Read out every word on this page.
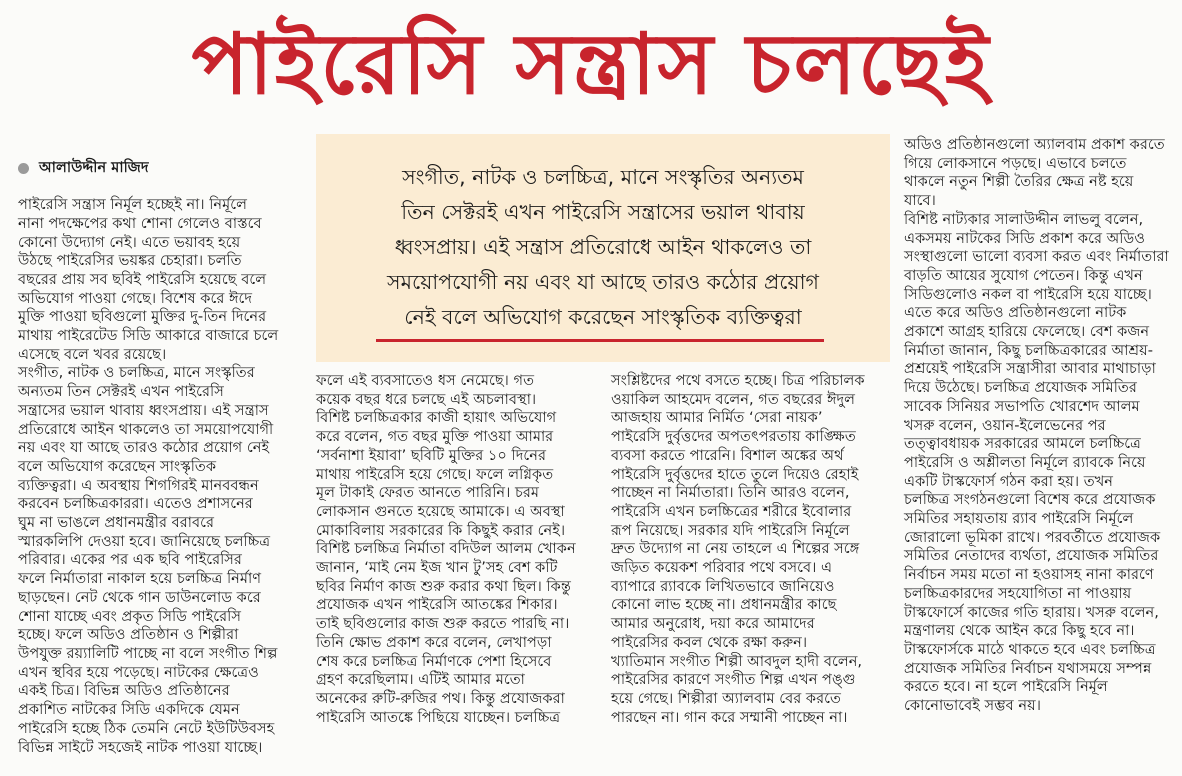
পাইরেসি সন্ত্রাস চলছেই

আলাউদ্দীন মাজিদ

পাইরেসি সন্ত্রাস নির্মূল হচ্ছেই না। নির্মূলে
নানা পদক্ষেপের কথা শোনা গেলেও বাস্তবে
কোনো উদ্যোগ নেই। এতে ভয়াবহ হয়ে
উঠছে পাইরেসির ভয়ঙ্কর চেহারা। চলতি
বছরের প্রায় সব ছবিই পাইরেসি হয়েছে বলে
অভিযোগ পাওয়া গেছে। বিশেষ করে ঈদে
মুক্তি পাওয়া ছবিগুলো মুক্তির দু-তিন দিনের
মাথায় পাইরেটেড সিডি আকারে বাজারে চলে
এসেছে বলে খবর রয়েছে।
সংগীত, নাটক ও চলচ্চিত্র, মানে সংস্কৃতির
অন্যতম তিন সেক্টরই এখন পাইরেসি
সন্ত্রাসের ভয়াল থাবায় ধ্বংসপ্রায়। এই সন্ত্রাস
প্রতিরোধে আইন থাকলেও তা সময়োপযোগী
নয় এবং যা আছে তারও কঠোর প্রয়োগ নেই
বলে অভিযোগ করেছেন সাংস্কৃতিক
ব্যক্তিত্বরা। এ অবস্থায় শিগগিরই মানববন্ধন
করবেন চলচ্চিত্রকাররা। এতেও প্রশাসনের
ঘুম না ভাঙলে প্রধানমন্ত্রীর বরাবরে
স্মারকলিপি দেওয়া হবে। জানিয়েছে চলচ্চিত্র
পরিবার। একের পর এক ছবি পাইরেসির
ফলে নির্মাতারা নাকাল হয়ে চলচ্চিত্র নির্মাণ
ছাড়ছেন। নেট থেকে গান ডাউনলোড করে
শোনা যাচ্ছে এবং প্রকৃত সিডি পাইরেসি
হচ্ছে। ফলে অডিও প্রতিষ্ঠান ও শিল্পীরা
উপযুক্ত রয়্যালিটি পাচ্ছে না বলে সংগীত শিল্প
এখন স্থবির হয়ে পড়েছে। নাটকের ক্ষেত্রেও
একই চিত্র। বিভিন্ন অডিও প্রতিষ্ঠানের
প্রকাশিত নাটকের সিডি একদিকে যেমন
পাইরেসি হচ্ছে ঠিক তেমনি নেটে ইউটিউবসহ
বিভিন্ন সাইটে সহজেই নাটক পাওয়া যাচ্ছে।

সংগীত, নাটক ও চলচ্চিত্র, মানে সংস্কৃতির অন্যতম
তিন সেক্টরই এখন পাইরেসি সন্ত্রাসের ভয়াল থাবায়
ধ্বংসপ্রায়। এই সন্ত্রাস প্রতিরোধে আইন থাকলেও তা
সময়োপযোগী নয় এবং যা আছে তারও কঠোর প্রয়োগ
নেই বলে অভিযোগ করেছেন সাংস্কৃতিক ব্যক্তিত্বরা
ফলে এই ব্যবসাতেও ধস নেমেছে। গত
কয়েক বছর ধরে চলছে এই অচলাবস্থা।
বিশিষ্ট চলচ্চিত্রকার কাজী হায়াৎ অভিযোগ
করে বলেন, গত বছর মুক্তি পাওয়া আমার
‘সর্বনাশা ইয়াবা’ ছবিটি মুক্তির ১০ দিনের
মাথায় পাইরেসি হয়ে গেছে। ফলে লগ্নিকৃত
মূল টাকাই ফেরত আনতে পারিনি। চরম
লোকসান গুনতে হয়েছে আমাকে। এ অবস্থা
মোকাবিলায় সরকারের কি কিছুই করার নেই।
বিশিষ্ট চলচ্চিত্র নির্মাতা বদিউল আলম খোকন
জানান, ‘মাই নেম ইজ খান টু’সহ বেশ কটি
ছবির নির্মাণ কাজ শুরু করার কথা ছিল। কিন্তু
প্রযোজক এখন পাইরেসি আতঙ্কের শিকার।
তাই ছবিগুলোর কাজ শুরু করতে পারছি না।
তিনি ক্ষোভ প্রকাশ করে বলেন, লেখাপড়া
শেষ করে চলচ্চিত্র নির্মাণকে পেশা হিসেবে
গ্রহণ করেছিলাম। এটিই আমার মতো
অনেকের রুটি-রুজির পথ। কিন্তু প্রযোজকরা
পাইরেসি আতঙ্কে পিছিয়ে যাচ্ছেন। চলচ্চিত্র
সংশ্লিষ্টদের পথে বসতে হচ্ছে। চিত্র পরিচালক
ওয়াকিল আহমেদ বলেন, গত বছরের ঈদুল
আজহায় আমার নির্মিত ‘সেরা নায়ক’
পাইরেসি দুর্বৃত্তদের অপতৎপরতায় কাঙ্ক্ষিত
ব্যবসা করতে পারেনি। বিশাল অঙ্কের অর্থ
পাইরেসি দুর্বৃত্তদের হাতে তুলে দিয়েও রেহাই
পাচ্ছেন না নির্মাতারা। তিনি আরও বলেন,
পাইরেসি এখন চলচ্চিত্রের শরীরে ইবোলার
রূপ নিয়েছে। সরকার যদি পাইরেসি নির্মূলে
দ্রুত উদ্যোগ না নেয় তাহলে এ শিল্পের সঙ্গে
জড়িত কয়েকশ পরিবার পথে বসবে। এ
ব্যাপারে র‌্যাবকে লিখিতভাবে জানিয়েও
কোনো লাভ হচ্ছে না। প্রধানমন্ত্রীর কাছে
আমার অনুরোধ, দয়া করে আমাদের
পাইরেসির কবল থেকে রক্ষা করুন।
খ্যাতিমান সংগীত শিল্পী আবদুল হাদী বলেন,
পাইরেসির কারণে সংগীত শিল্প এখন পঙ্গু
হয়ে গেছে। শিল্পীরা অ্যালবাম বের করতে
পারছেন না। গান করে সম্মানী পাচ্ছেন না।
অডিও প্রতিষ্ঠানগুলো অ্যালবাম প্রকাশ করতে
গিয়ে লোকসানে পড়ছে। এভাবে চলতে
থাকলে নতুন শিল্পী তৈরির ক্ষেত্র নষ্ট হয়ে
যাবে।
বিশিষ্ট নাট্যকার সালাউদ্দীন লাভলু বলেন,
একসময় নাটকের সিডি প্রকাশ করে অডিও
সংস্থাগুলো ভালো ব্যবসা করত এবং নির্মাতারা
বাড়তি আয়ের সুযোগ পেতেন। কিন্তু এখন
সিডিগুলোও নকল বা পাইরেসি হয়ে যাচ্ছে।
এতে করে অডিও প্রতিষ্ঠানগুলো নাটক
প্রকাশে আগ্রহ হারিয়ে ফেলেছে। বেশ কজন
নির্মাতা জানান, কিছু চলচ্চিত্রকারের আশ্রয়-
প্রশ্রয়েই পাইরেসি সন্ত্রাসীরা আবার মাথাচাড়া
দিয়ে উঠেছে। চলচ্চিত্র প্রযোজক সমিতির
সাবেক সিনিয়র সভাপতি খোরশেদ আলম
খসরু বলেন, ওয়ান-ইলেভেনের পর
তত্ত্বাবধায়ক সরকারের আমলে চলচ্চিত্রে
পাইরেসি ও অশ্লীলতা নির্মূলে র‌্যাবকে নিয়ে
একটি টাস্কফোর্স গঠন করা হয়। তখন
চলচ্চিত্র সংগঠনগুলো বিশেষ করে প্রযোজক
সমিতির সহায়তায় র‌্যাব পাইরেসি নির্মূলে
জোরালো ভূমিকা রাখে। পরবর্তীতে প্রযোজক
সমিতির নেতাদের ব্যর্থতা, প্রযোজক সমিতির
নির্বাচন সময় মতো না হওয়াসহ নানা কারণে
চলচ্চিত্রকারদের সহযোগিতা না পাওয়ায়
টাস্কফোর্সে কাজের গতি হারায়। খসরু বলেন,
মন্ত্রণালয় থেকে আইন করে কিছু হবে না।
টাস্কফোর্সকে মাঠে থাকতে হবে এবং চলচ্চিত্র
প্রযোজক সমিতির নির্বাচন যথাসময়ে সম্পন্ন
করতে হবে। না হলে পাইরেসি নির্মূল
কোনোভাবেই সম্ভব নয়।
